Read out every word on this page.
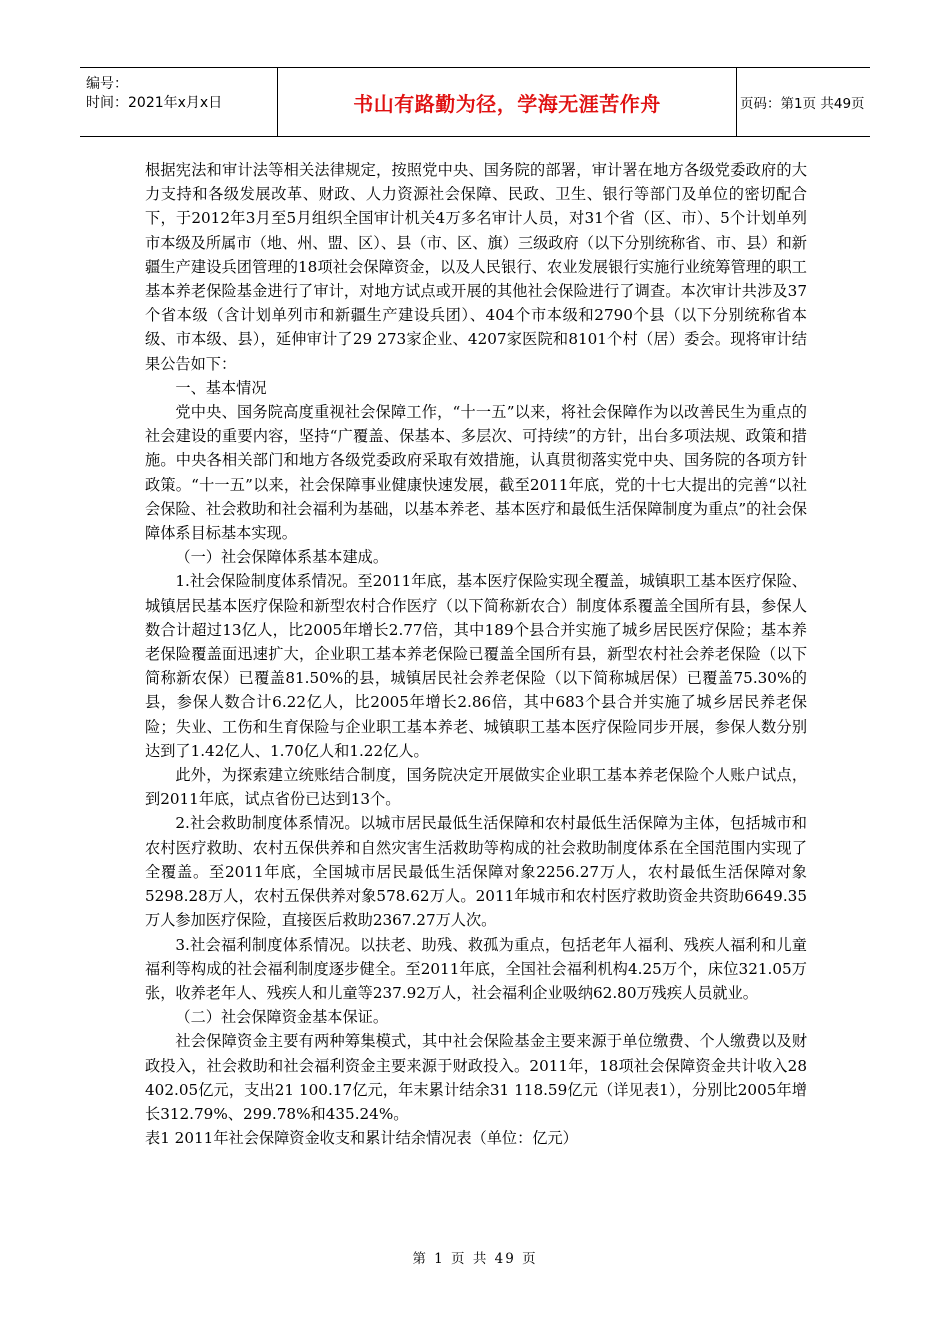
编号：
时间：2021年x月x日	书山有路勤为径，学海无涯苦作舟	页码：第1页 共49页

根据宪法和审计法等相关法律规定，按照党中央、国务院的部署，审计署在地方各级党委政府的大力支持和各级发展改革、财政、人力资源社会保障、民政、卫生、银行等部门及单位的密切配合下，于2012年3月至5月组织全国审计机关4万多名审计人员，对31个省（区、市）、5个计划单列市本级及所属市（地、州、盟、区）、县（市、区、旗）三级政府（以下分别统称省、市、县）和新疆生产建设兵团管理的18项社会保障资金，以及人民银行、农业发展银行实施行业统筹管理的职工基本养老保险基金进行了审计，对地方试点或开展的其他社会保险进行了调查。本次审计共涉及37个省本级（含计划单列市和新疆生产建设兵团）、404个市本级和2790个县（以下分别统称省本级、市本级、县），延伸审计了29 273家企业、4207家医院和8101个村（居）委会。现将审计结果公告如下：

一、基本情况

党中央、国务院高度重视社会保障工作，“十一五”以来，将社会保障作为以改善民生为重点的社会建设的重要内容，坚持“广覆盖、保基本、多层次、可持续”的方针，出台多项法规、政策和措施。中央各相关部门和地方各级党委政府采取有效措施，认真贯彻落实党中央、国务院的各项方针政策。“十一五”以来，社会保障事业健康快速发展，截至2011年底，党的十七大提出的完善“以社会保险、社会救助和社会福利为基础，以基本养老、基本医疗和最低生活保障制度为重点”的社会保障体系目标基本实现。

（一）社会保障体系基本建成。

1.社会保险制度体系情况。至2011年底，基本医疗保险实现全覆盖，城镇职工基本医疗保险、城镇居民基本医疗保险和新型农村合作医疗（以下简称新农合）制度体系覆盖全国所有县，参保人数合计超过13亿人，比2005年增长2.77倍，其中189个县合并实施了城乡居民医疗保险；基本养老保险覆盖面迅速扩大，企业职工基本养老保险已覆盖全国所有县，新型农村社会养老保险（以下简称新农保）已覆盖81.50%的县，城镇居民社会养老保险（以下简称城居保）已覆盖75.30%的县，参保人数合计6.22亿人，比2005年增长2.86倍，其中683个县合并实施了城乡居民养老保险；失业、工伤和生育保险与企业职工基本养老、城镇职工基本医疗保险同步开展，参保人数分别达到了1.42亿人、1.70亿人和1.22亿人。

此外，为探索建立统账结合制度，国务院决定开展做实企业职工基本养老保险个人账户试点，到2011年底，试点省份已达到13个。

2.社会救助制度体系情况。以城市居民最低生活保障和农村最低生活保障为主体，包括城市和农村医疗救助、农村五保供养和自然灾害生活救助等构成的社会救助制度体系在全国范围内实现了全覆盖。至2011年底，全国城市居民最低生活保障对象2256.27万人，农村最低生活保障对象5298.28万人，农村五保供养对象578.62万人。2011年城市和农村医疗救助资金共资助6649.35万人参加医疗保险，直接医后救助2367.27万人次。

3.社会福利制度体系情况。以扶老、助残、救孤为重点，包括老年人福利、残疾人福利和儿童福利等构成的社会福利制度逐步健全。至2011年底，全国社会福利机构4.25万个，床位321.05万张，收养老年人、残疾人和儿童等237.92万人，社会福利企业吸纳62.80万残疾人员就业。

（二）社会保障资金基本保证。

社会保障资金主要有两种筹集模式，其中社会保险基金主要来源于单位缴费、个人缴费以及财政投入，社会救助和社会福利资金主要来源于财政投入。2011年，18项社会保障资金共计收入28 402.05亿元，支出21 100.17亿元，年末累计结余31 118.59亿元（详见表1），分别比2005年增长312.79%、299.78%和435.24%。

表1 2011年社会保障资金收支和累计结余情况表（单位：亿元）

第 1 页 共 49 页
